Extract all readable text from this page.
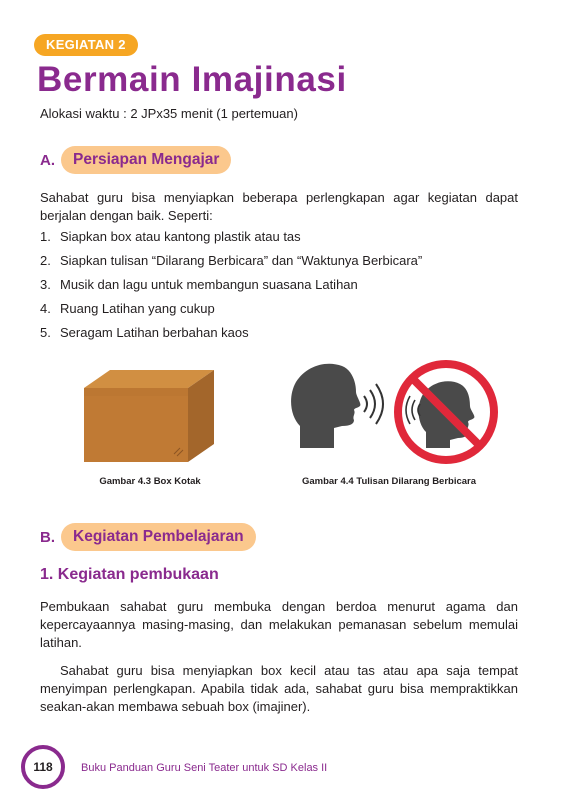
KEGIATAN 2
Bermain Imajinasi
Alokasi waktu : 2 JPx35 menit (1 pertemuan)
A.	Persiapan Mengajar

Sahabat guru bisa menyiapkan beberapa perlengkapan agar kegiatan dapat berjalan dengan baik. Seperti:

1. Siapkan box atau kantong plastik atau tas
2. Siapkan tulisan “Dilarang Berbicara” dan “Waktunya Berbicara”
3. Musik dan lagu untuk membangun suasana Latihan
4. Ruang Latihan yang cukup
5. Seragam Latihan berbahan kaos
Gambar 4.3 Box Kotak	Gambar 4.4 Tulisan Dilarang Berbicara
B.	Kegiatan Pembelajaran
1. Kegiatan pembukaan

Pembukaan sahabat guru membuka dengan berdoa menurut agama dan kepercayaannya masing-masing, dan melakukan pemanasan sebelum memulai latihan.

Sahabat guru bisa menyiapkan box kecil atau tas atau apa saja tempat menyimpan perlengkapan. Apabila tidak ada, sahabat guru bisa mempraktikkan seakan-akan membawa sebuah box (imajiner).

118	Buku Panduan Guru Seni Teater untuk SD Kelas II
